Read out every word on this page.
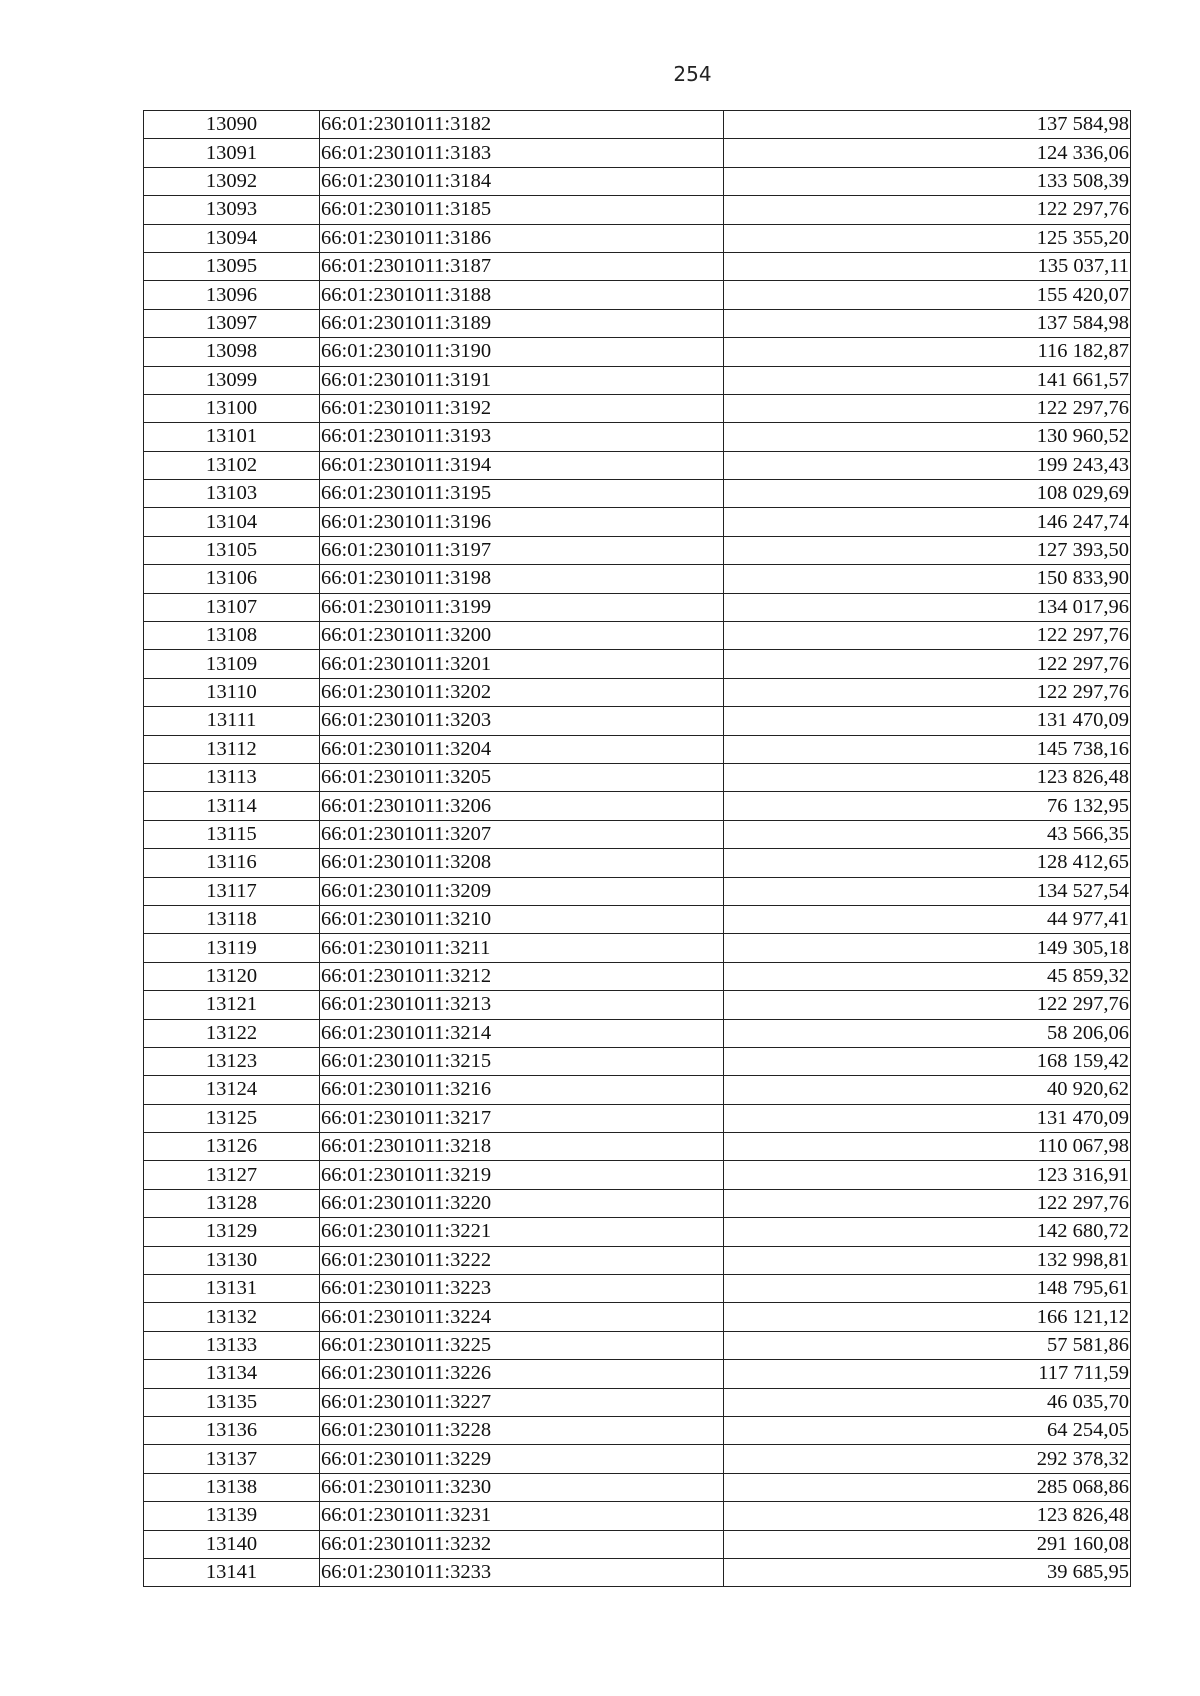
254
13090	66:01:2301011:3182	137 584,98
13091	66:01:2301011:3183	124 336,06
13092	66:01:2301011:3184	133 508,39
13093	66:01:2301011:3185	122 297,76
13094	66:01:2301011:3186	125 355,20
13095	66:01:2301011:3187	135 037,11
13096	66:01:2301011:3188	155 420,07
13097	66:01:2301011:3189	137 584,98
13098	66:01:2301011:3190	116 182,87
13099	66:01:2301011:3191	141 661,57
13100	66:01:2301011:3192	122 297,76
13101	66:01:2301011:3193	130 960,52
13102	66:01:2301011:3194	199 243,43
13103	66:01:2301011:3195	108 029,69
13104	66:01:2301011:3196	146 247,74
13105	66:01:2301011:3197	127 393,50
13106	66:01:2301011:3198	150 833,90
13107	66:01:2301011:3199	134 017,96
13108	66:01:2301011:3200	122 297,76
13109	66:01:2301011:3201	122 297,76
13110	66:01:2301011:3202	122 297,76
13111	66:01:2301011:3203	131 470,09
13112	66:01:2301011:3204	145 738,16
13113	66:01:2301011:3205	123 826,48
13114	66:01:2301011:3206	76 132,95
13115	66:01:2301011:3207	43 566,35
13116	66:01:2301011:3208	128 412,65
13117	66:01:2301011:3209	134 527,54
13118	66:01:2301011:3210	44 977,41
13119	66:01:2301011:3211	149 305,18
13120	66:01:2301011:3212	45 859,32
13121	66:01:2301011:3213	122 297,76
13122	66:01:2301011:3214	58 206,06
13123	66:01:2301011:3215	168 159,42
13124	66:01:2301011:3216	40 920,62
13125	66:01:2301011:3217	131 470,09
13126	66:01:2301011:3218	110 067,98
13127	66:01:2301011:3219	123 316,91
13128	66:01:2301011:3220	122 297,76
13129	66:01:2301011:3221	142 680,72
13130	66:01:2301011:3222	132 998,81
13131	66:01:2301011:3223	148 795,61
13132	66:01:2301011:3224	166 121,12
13133	66:01:2301011:3225	57 581,86
13134	66:01:2301011:3226	117 711,59
13135	66:01:2301011:3227	46 035,70
13136	66:01:2301011:3228	64 254,05
13137	66:01:2301011:3229	292 378,32
13138	66:01:2301011:3230	285 068,86
13139	66:01:2301011:3231	123 826,48
13140	66:01:2301011:3232	291 160,08
13141	66:01:2301011:3233	39 685,95
